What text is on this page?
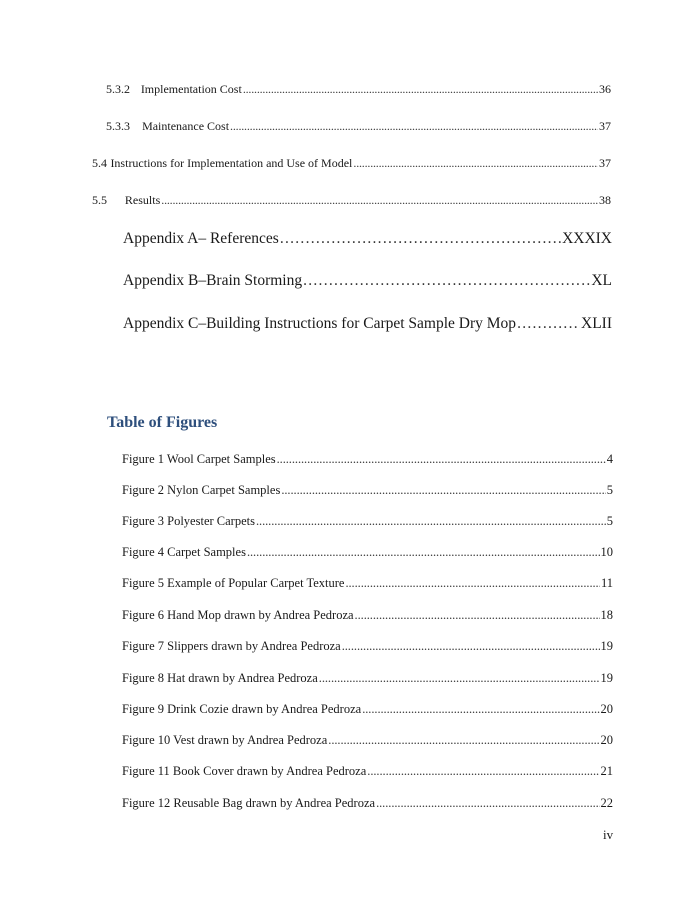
5.3.2 Implementation Cost . . .	36
5.3.3	Maintenance Cost . . .	37
5.4 Instructions for Implementation and Use of Model . . .	37
5.5	Results . . .	38
Appendix A– References . . .	XXXIX
Appendix B–Brain Storming . . .	XL
Appendix C–Building Instructions for Carpet Sample Dry Mop . . .	XLII
Table of Figures
Figure 1 Wool Carpet Samples . . .	4
Figure 2 Nylon Carpet Samples . . .	5
Figure 3 Polyester Carpets . . .	5
Figure 4 Carpet Samples . . .	10
Figure 5 Example of Popular Carpet Texture . . .	11
Figure 6 Hand Mop drawn by Andrea Pedroza . . .	18
Figure 7 Slippers drawn by Andrea Pedroza . . .	19
Figure 8 Hat drawn by Andrea Pedroza . . .	19
Figure 9 Drink Cozie drawn by Andrea Pedroza . . .	20
Figure 10 Vest drawn by Andrea Pedroza . . .	20
Figure 11 Book Cover drawn by Andrea Pedroza . . .	21
Figure 12 Reusable Bag drawn by Andrea Pedroza . . .	22
iv
